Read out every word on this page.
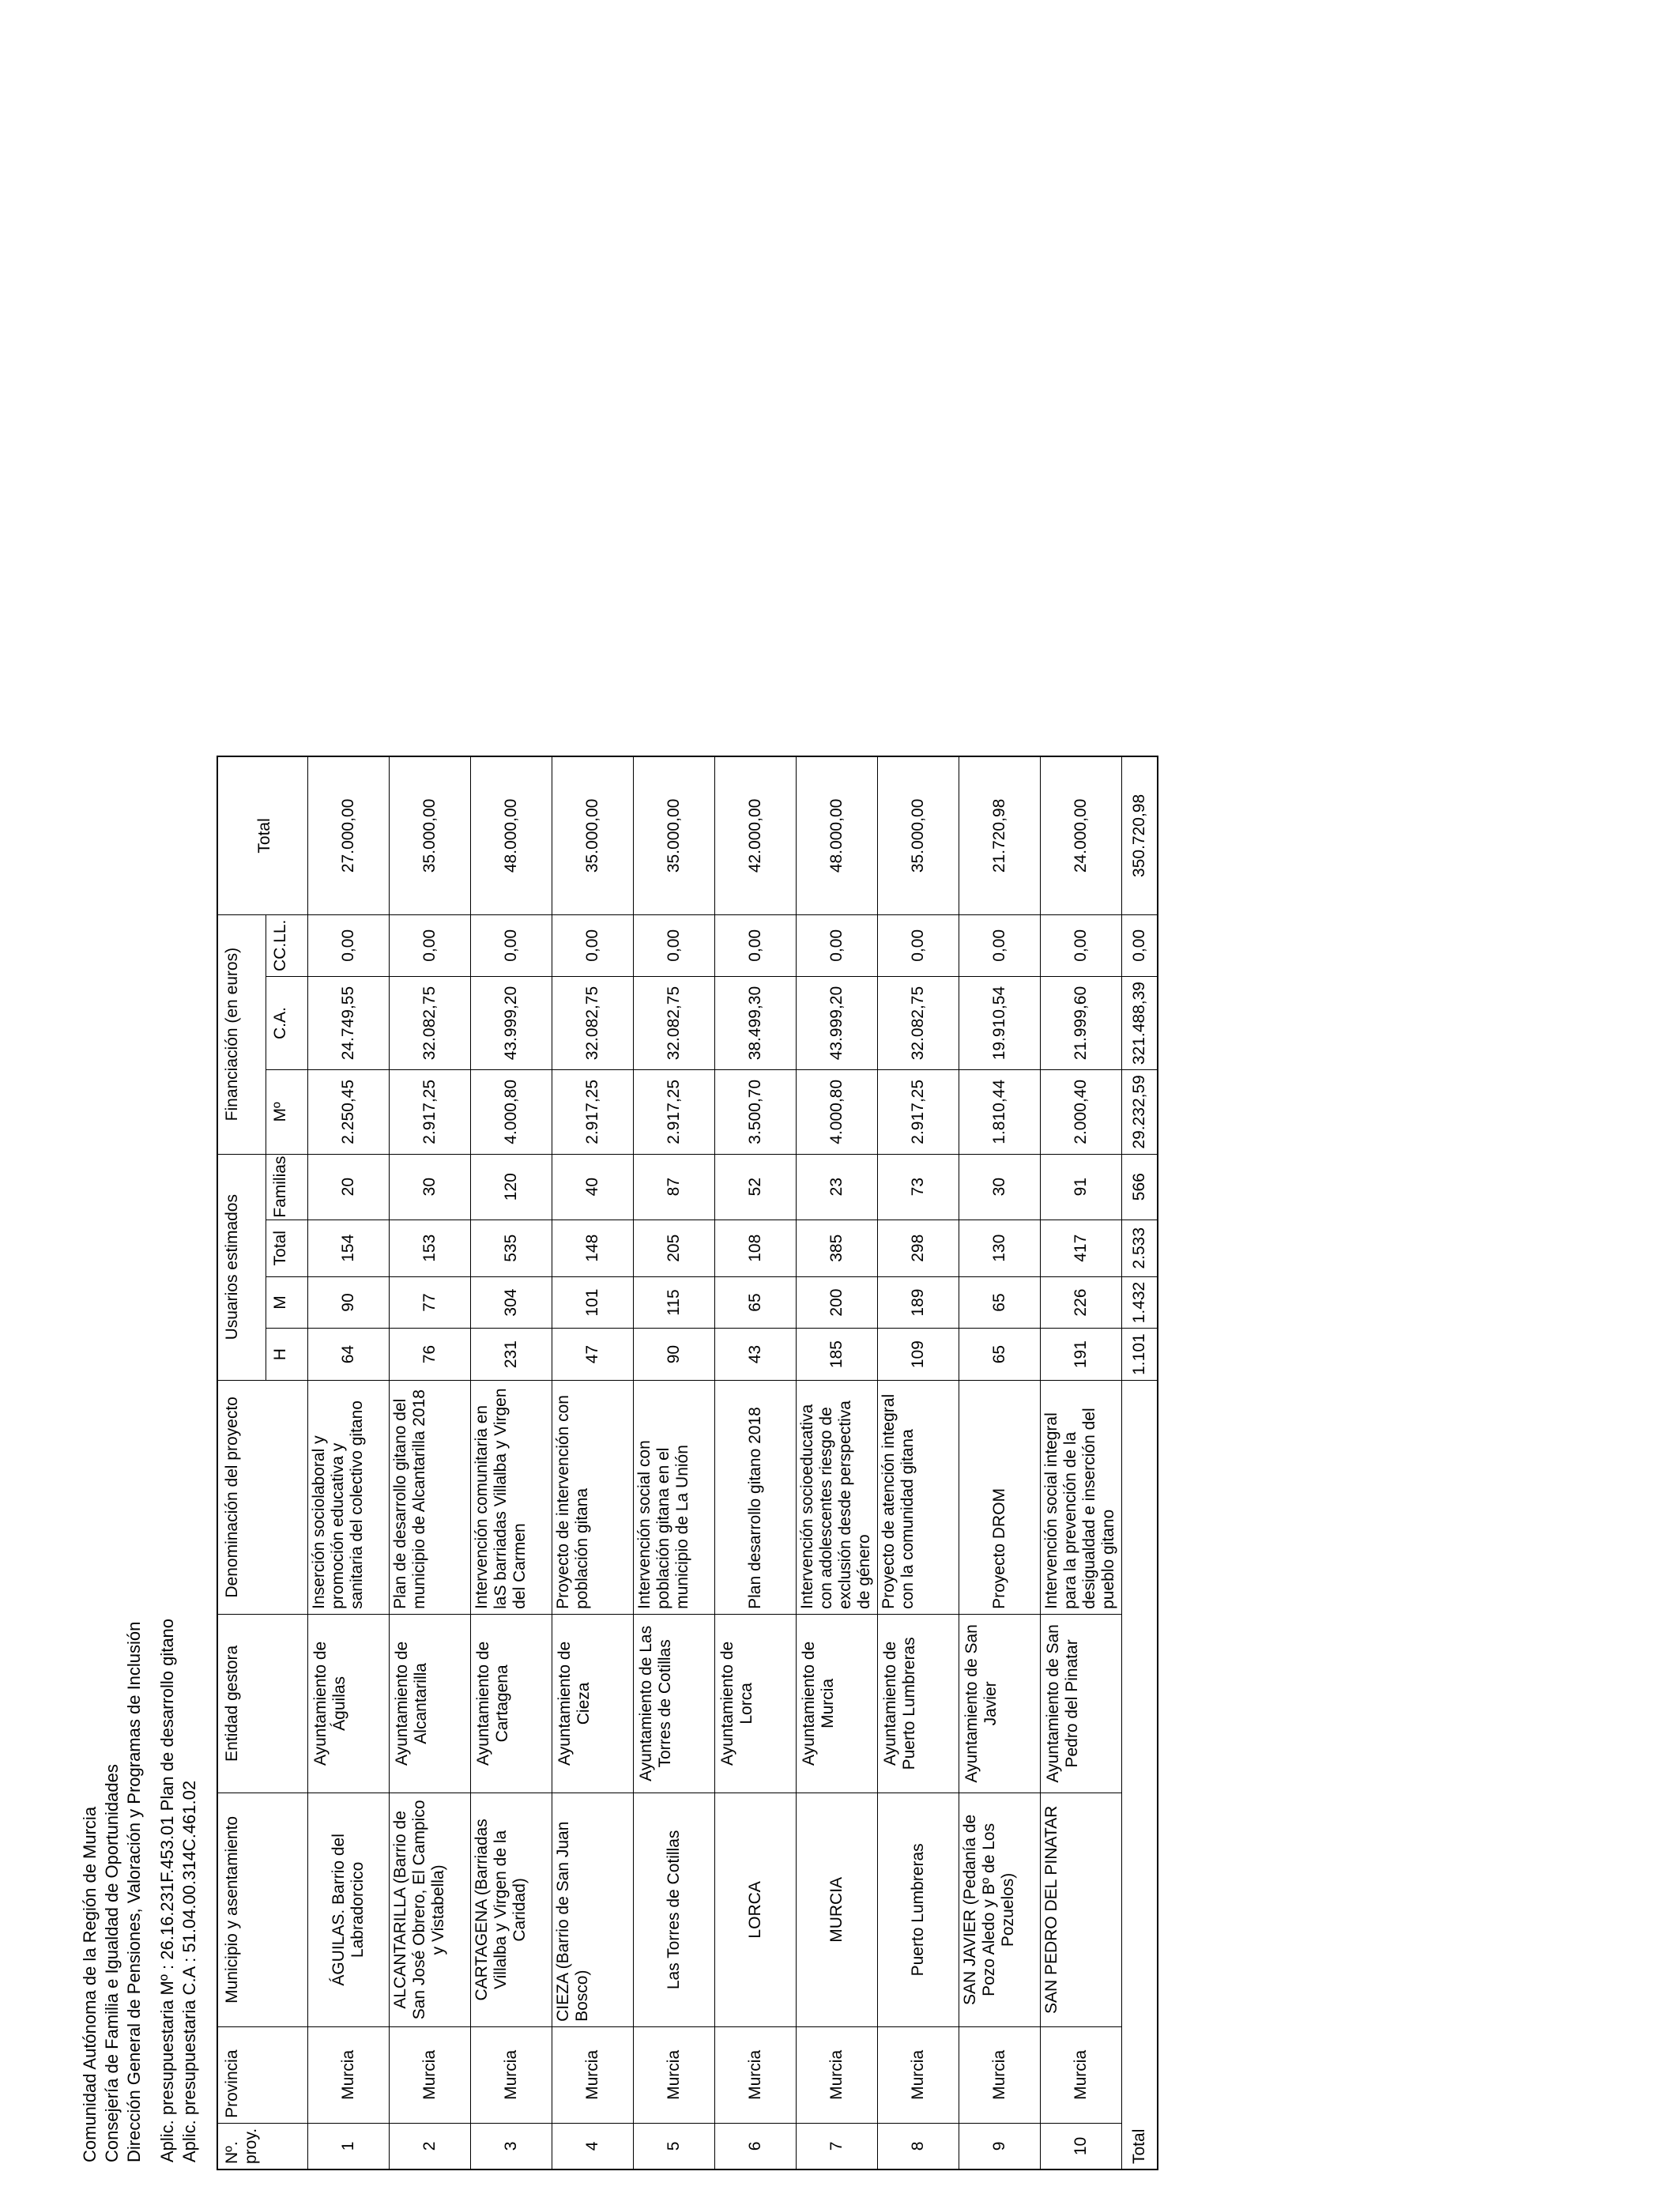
Comunidad Autónoma de la Región de Murcia Consejería de Familia e Igualdad de Oportunidades Dirección General de Pensiones, Valoración y Programas de Inclusión Aplic. presupuestaria Mº : 26.16.231F.453.01 Plan de desarrollo gitano Aplic. presupuestaria C.A : 51.04.00.314C.461.02 Nº. proy.	Provincia	Municipio y asentamiento	Entidad gestora	Denominación del proyecto	Usuarios estimados				Financiación (en euros)			Total
					H	M	Total	Familias	Mº	C.A.	CC.LL.	
1	Murcia	ÁGUILAS. Barrio del Labradorcico	Ayuntamiento de Águilas	Inserción sociolaboral y promoción educativa y sanitaria del colectivo gitano	64	90	154	20	2.250,45	24.749,55	0,00	27.000,00
2	Murcia	ALCANTARILLA (Barrio de San José Obrero, El Campico y Vistabella)	Ayuntamiento de Alcantarilla	Plan de desarrollo gitano del municipio de Alcantarilla 2018	76	77	153	30	2.917,25	32.082,75	0,00	35.000,00
3	Murcia	CARTAGENA (Barriadas Villalba y Virgen de la Caridad)	Ayuntamiento de Cartagena	Intervención comunitaria en laS barriadas Villalba y Virgen del Carmen	231	304	535	120	4.000,80	43.999,20	0,00	48.000,00
4	Murcia	CIEZA (Barrio de San Juan Bosco)	Ayuntamiento de Cieza	Proyecto de intervención con población gitana	47	101	148	40	2.917,25	32.082,75	0,00	35.000,00
5	Murcia	Las Torres de Cotillas	Ayuntamiento de Las Torres de Cotillas	Intervención social con población gitana en el municipio de La Unión	90	115	205	87	2.917,25	32.082,75	0,00	35.000,00
6	Murcia	LORCA	Ayuntamiento de Lorca	Plan desarrollo gitano 2018	43	65	108	52	3.500,70	38.499,30	0,00	42.000,00
7	Murcia	MURCIA	Ayuntamiento de Murcia	Intervención socioeducativa con adolescentes riesgo de exclusión desde perspectiva de género	185	200	385	23	4.000,80	43.999,20	0,00	48.000,00
8	Murcia	Puerto Lumbreras	Ayuntamiento de Puerto Lumbreras	Proyecto de atención integral con la comunidad gitana	109	189	298	73	2.917,25	32.082,75	0,00	35.000,00
9	Murcia	SAN JAVIER (Pedanía de Pozo Aledo y Bº de Los Pozuelos)	Ayuntamiento de San Javier	Proyecto DROM	65	65	130	30	1.810,44	19.910,54	0,00	21.720,98
10	Murcia	SAN PEDRO DEL PINATAR	Ayuntamiento de San Pedro del Pinatar	Intervención social integral para la prevención de la desigualdad e inserción del pueblo gitano	191	226	417	91	2.000,40	21.999,60	0,00	24.000,00
Total					1.101	1.432	2.533	566	29.232,59	321.488,39	0,00	350.720,98
